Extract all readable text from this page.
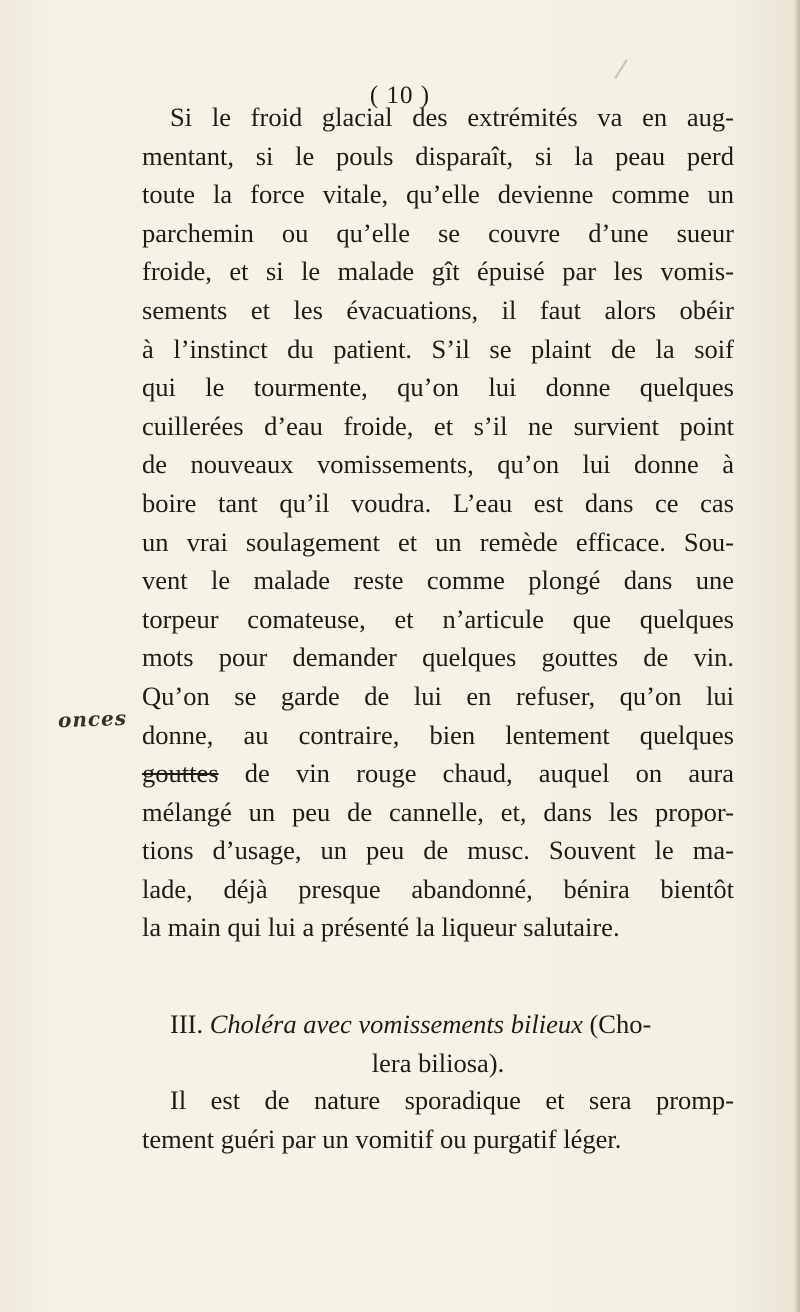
( 10 )
Si le froid glacial des extrémités va en aug-
mentant, si le pouls disparaît, si la peau perd
toute la force vitale, qu’elle devienne comme un
parchemin ou qu’elle se couvre d’une sueur
froide, et si le malade gît épuisé par les vomis-
sements et les évacuations, il faut alors obéir
à l’instinct du patient. S’il se plaint de la soif
qui le tourmente, qu’on lui donne quelques
cuillerées d’eau froide, et s’il ne survient point
de nouveaux vomissements, qu’on lui donne à
boire tant qu’il voudra. L’eau est dans ce cas
un vrai soulagement et un remède efficace. Sou-
vent le malade reste comme plongé dans une
torpeur comateuse, et n’articule que quelques
mots pour demander quelques gouttes de vin.
Qu’on se garde de lui en refuser, qu’on lui
donne, au contraire, bien lentement quelques
gouttes de vin rouge chaud, auquel on aura
mélangé un peu de cannelle, et, dans les propor-
tions d’usage, un peu de musc. Souvent le ma-
lade, déjà presque abandonné, bénira bientôt
la main qui lui a présenté la liqueur salutaire.
onces
III. Choléra avec vomissements bilieux (Cho-
lera biliosa).
Il est de nature sporadique et sera promp-
tement guéri par un vomitif ou purgatif léger.
